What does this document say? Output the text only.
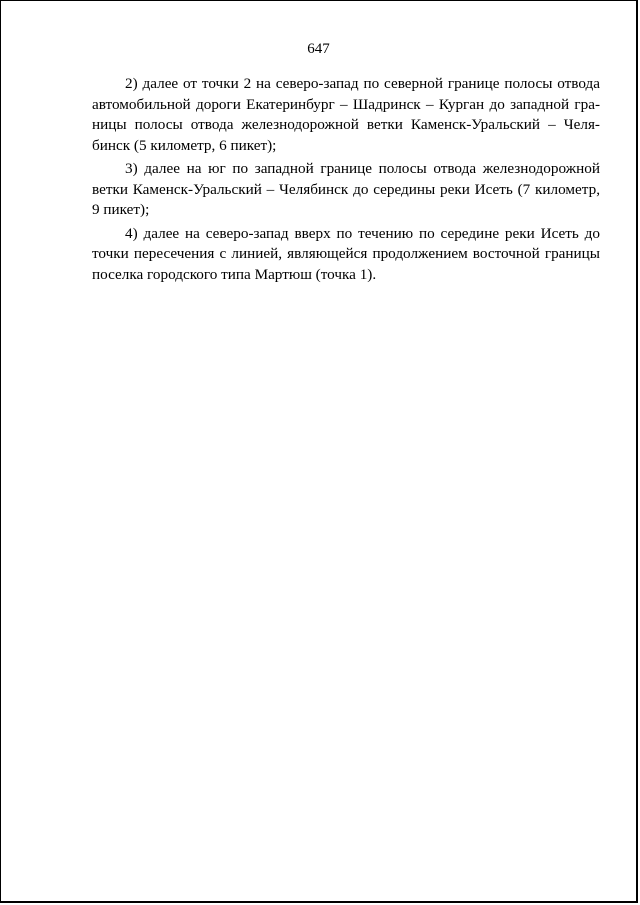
647
2) далее от точки 2 на северо-запад по северной границе полосы отвода
автомобильной дороги Екатеринбург – Шадринск – Курган до западной гра-
ницы полосы отвода железнодорожной ветки Каменск-Уральский – Челя-
бинск (5 километр, 6 пикет);
3) далее на юг по западной границе полосы отвода железнодорожной
ветки Каменск-Уральский – Челябинск до середины реки Исеть (7 километр,
9 пикет);
4) далее на северо-запад вверх по течению по середине реки Исеть до
точки пересечения с линией, являющейся продолжением восточной границы
поселка городского типа Мартюш (точка 1).
